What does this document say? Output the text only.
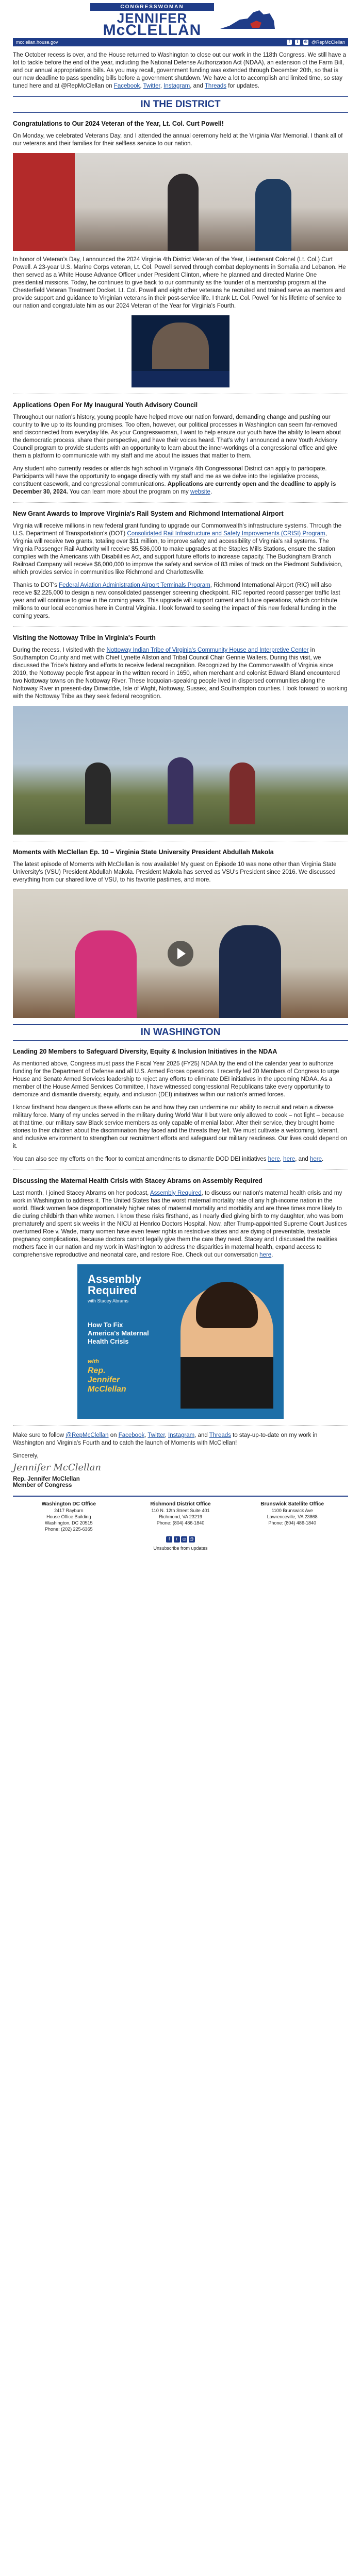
CONGRESSWOMAN
JENNIFER
McCLELLAN
mcclellan.house.gov	f	t	◎ @RepMcClellan

The October recess is over, and the House returned to Washington to close out our work in the 118th Congress. We still have a lot to tackle before the end of the year, including the National Defense Authorization Act (NDAA), an extension of the Farm Bill, and our annual appropriations bills. As you may recall, government funding was extended through December 20th, so that is our new deadline to pass spending bills before a government shutdown. We have a lot to accomplish and limited time, so stay tuned here and at @RepMcClellan on Facebook, Twitter, Instagram, and Threads for updates.

IN THE DISTRICT
Congratulations to Our 2024 Veteran of the Year, Lt. Col. Curt Powell!

On Monday, we celebrated Veterans Day, and I attended the annual ceremony held at the Virginia War Memorial. I thank all of our veterans and their families for their selfless service to our nation.

In honor of Veteran's Day, I announced the 2024 Virginia 4th District Veteran of the Year, Lieutenant Colonel (Lt. Col.) Curt Powell. A 23-year U.S. Marine Corps veteran, Lt. Col. Powell served through combat deployments in Somalia and Lebanon. He then served as a White House Advance Officer under President Clinton, where he planned and directed Marine One presidential missions. Today, he continues to give back to our community as the founder of a mentorship program at the Chesterfield Veteran Treatment Docket. Lt. Col. Powell and eight other veterans he recruited and trained serve as mentors and provide support and guidance to Virginian veterans in their post-service life. I thank Lt. Col. Powell for his lifetime of service to our nation and congratulate him as our 2024 Veteran of the Year for Virginia's Fourth.

Applications Open For My Inaugural Youth Advisory Council

Throughout our nation's history, young people have helped move our nation forward, demanding change and pushing our country to live up to its founding promises. Too often, however, our political processes in Washington can seem far-removed and disconnected from everyday life. As your Congresswoman, I want to help ensure our youth have the ability to learn about the democratic process, share their perspective, and have their voices heard. That's why I announced a new Youth Advisory Council program to provide students with an opportunity to learn about the inner-workings of a congressional office and give them a platform to communicate with my staff and me about the issues that matter to them.

Any student who currently resides or attends high school in Virginia's 4th Congressional District can apply to participate. Participants will have the opportunity to engage directly with my staff and me as we delve into the legislative process, constituent casework, and congressional communications. Applications are currently open and the deadline to apply is December 30, 2024. You can learn more about the program on my website.

New Grant Awards to Improve Virginia's Rail System and Richmond International Airport

Virginia will receive millions in new federal grant funding to upgrade our Commonwealth's infrastructure systems. Through the U.S. Department of Transportation's (DOT) Consolidated Rail Infrastructure and Safety Improvements (CRISI) Program, Virginia will receive two grants, totaling over $11 million, to improve safety and accessibility of Virginia's rail systems. The Virginia Passenger Rail Authority will receive $5,536,000 to make upgrades at the Staples Mills Stations, ensure the station complies with the Americans with Disabilities Act, and support future efforts to increase capacity. The Buckingham Branch Railroad Company will receive $6,000,000 to improve the safety and service of 83 miles of track on the Piedmont Subdivision, which provides service in communities like Richmond and Charlottesville.

Thanks to DOT's Federal Aviation Administration Airport Terminals Program, Richmond International Airport (RIC) will also receive $2,225,000 to design a new consolidated passenger screening checkpoint. RIC reported record passenger traffic last year and will continue to grow in the coming years. This upgrade will support current and future operations, which contribute millions to our local economies here in Central Virginia. I look forward to seeing the impact of this new federal funding in the coming years.

Visiting the Nottoway Tribe in Virginia's Fourth

During the recess, I visited with the Nottoway Indian Tribe of Virginia's Community House and Interpretive Center in Southampton County and met with Chief Lynette Allston and Tribal Council Chair Gennie Walters. During this visit, we discussed the Tribe's history and efforts to receive federal recognition. Recognized by the Commonwealth of Virginia since 2010, the Nottoway people first appear in the written record in 1650, when merchant and colonist Edward Bland encountered two Nottoway towns on the Nottoway River. These Iroquoian-speaking people lived in dispersed communities along the Nottoway River in present-day Dinwiddie, Isle of Wight, Nottoway, Sussex, and Southampton counties. I look forward to working with the Nottoway Tribe as they seek federal recognition.

Moments with McClellan Ep. 10 – Virginia State University President Abdullah Makola

The latest episode of Moments with McClellan is now available! My guest on Episode 10 was none other than Virginia State University's (VSU) President Abdullah Makola. President Makola has served as VSU's President since 2016. We discussed everything from our shared love of VSU, to his favorite pastimes, and more.

IN WASHINGTON
Leading 20 Members to Safeguard Diversity, Equity & Inclusion Initiatives in the NDAA

As mentioned above, Congress must pass the Fiscal Year 2025 (FY25) NDAA by the end of the calendar year to authorize funding for the Department of Defense and all U.S. Armed Forces operations. I recently led 20 Members of Congress to urge House and Senate Armed Services leadership to reject any efforts to eliminate DEI initiatives in the upcoming NDAA. As a member of the House Armed Services Committee, I have witnessed congressional Republicans take every opportunity to demonize and dismantle diversity, equity, and inclusion (DEI) initiatives within our nation's armed forces.

I know firsthand how dangerous these efforts can be and how they can undermine our ability to recruit and retain a diverse military force. Many of my uncles served in the military during World War II but were only allowed to cook – not fight – because at that time, our military saw Black service members as only capable of menial labor. After their service, they brought home stories to their children about the discrimination they faced and the threats they felt. We must cultivate a welcoming, tolerant, and inclusive environment to strengthen our recruitment efforts and safeguard our military readiness. Our lives could depend on it.

You can also see my efforts on the floor to combat amendments to dismantle DOD DEI initiatives here, here, and here.

Discussing the Maternal Health Crisis with Stacey Abrams on Assembly Required

Last month, I joined Stacey Abrams on her podcast, Assembly Required, to discuss our nation's maternal health crisis and my work in Washington to address it. The United States has the worst maternal mortality rate of any high-income nation in the world. Black women face disproportionately higher rates of maternal mortality and morbidity and are three times more likely to die during childbirth than white women. I know these risks firsthand, as I nearly died giving birth to my daughter, who was born prematurely and spent six weeks in the NICU at Henrico Doctors Hospital. Now, after Trump-appointed Supreme Court Justices overturned Roe v. Wade, many women have even fewer rights in restrictive states and are dying of preventable, treatable pregnancy complications, because doctors cannot legally give them the care they need. Stacey and I discussed the realities mothers face in our nation and my work in Washington to address the disparities in maternal health, expand access to comprehensive reproductive and neonatal care, and restore Roe. Check out our conversation here.

Assembly
Required
with Stacey Abrams
How To Fix
America's Maternal
Health Crisis
with
Rep.
Jennifer
McClellan

Make sure to follow @RepMcClellan on Facebook, Twitter, Instagram, and Threads to stay-up-to-date on my work in Washington and Virginia's Fourth and to catch the launch of Moments with McClellan!

Sincerely,

Jennifer McClellan
Rep. Jennifer McClellan
Member of Congress
Washington DC Office
2417 Rayburn
House Office Building
Washington, DC 20515
Phone: (202) 225-6365
Richmond District Office
110 N. 12th Street Suite 401
Richmond, VA 23219
Phone: (804) 486-1840
Brunswick Satellite Office
1100 Brunswick Ave
Lawrenceville, VA 23868
Phone: (804) 486-1840
f t ◎ @
Unsubscribe from updates
